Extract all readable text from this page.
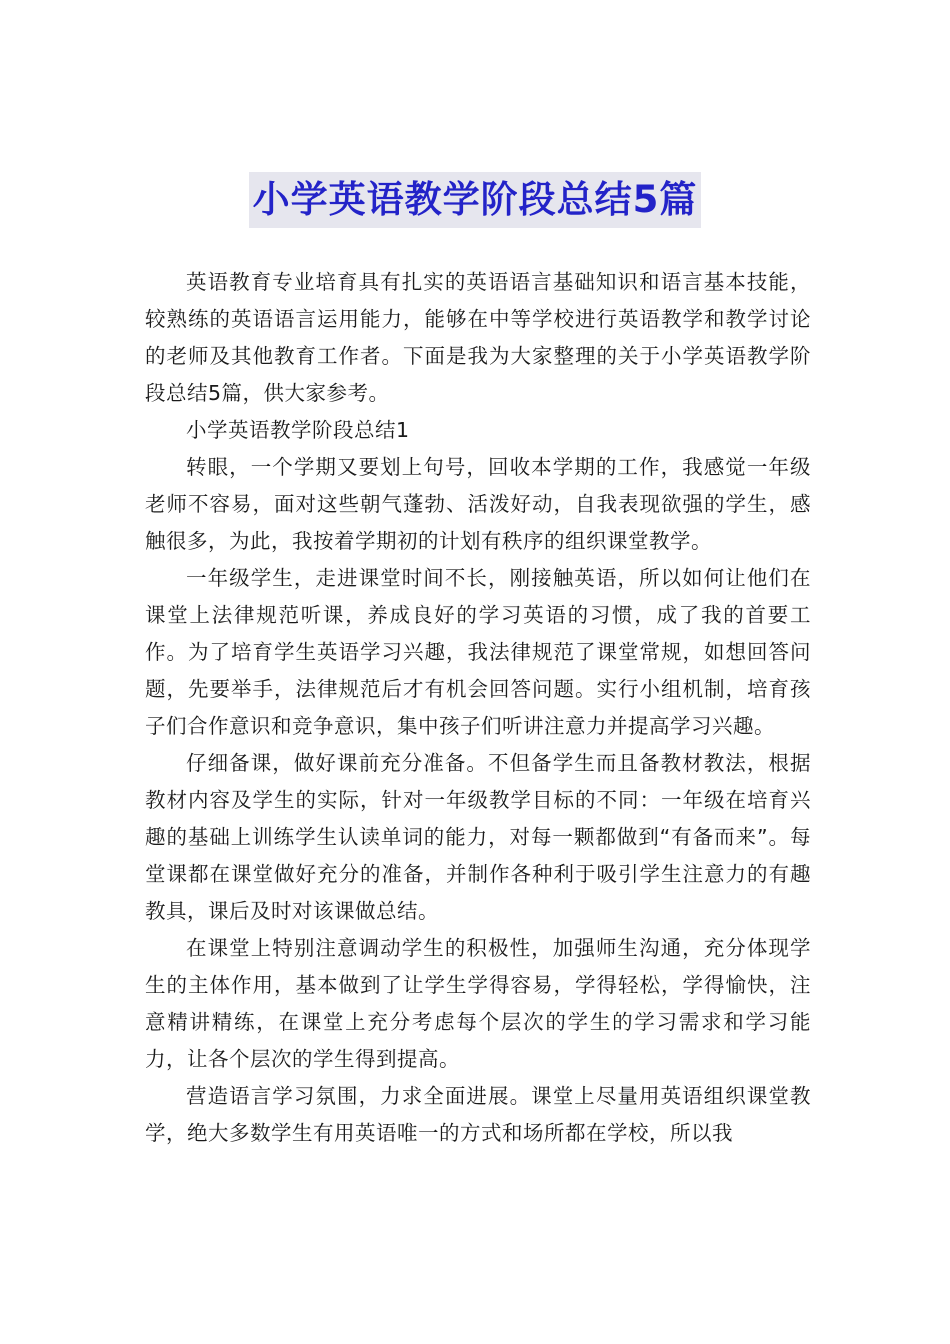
小学英语教学阶段总结5篇

英语教育专业培育具有扎实的英语语言基础知识和语言基本技能，较熟练的英语语言运用能力，能够在中等学校进行英语教学和教学讨论的老师及其他教育工作者。下面是我为大家整理的关于小学英语教学阶段总结5篇，供大家参考。

小学英语教学阶段总结1

转眼，一个学期又要划上句号，回收本学期的工作，我感觉一年级老师不容易，面对这些朝气蓬勃、活泼好动，自我表现欲强的学生，感触很多，为此，我按着学期初的计划有秩序的组织课堂教学。

一年级学生，走进课堂时间不长，刚接触英语，所以如何让他们在课堂上法律规范听课，养成良好的学习英语的习惯，成了我的首要工作。为了培育学生英语学习兴趣，我法律规范了课堂常规，如想回答问题，先要举手，法律规范后才有机会回答问题。实行小组机制，培育孩子们合作意识和竞争意识，集中孩子们听讲注意力并提高学习兴趣。

仔细备课，做好课前充分准备。不但备学生而且备教材教法，根据教材内容及学生的实际，针对一年级教学目标的不同：一年级在培育兴趣的基础上训练学生认读单词的能力，对每一颗都做到“有备而来”。每堂课都在课堂做好充分的准备，并制作各种利于吸引学生注意力的有趣教具，课后及时对该课做总结。

在课堂上特别注意调动学生的积极性，加强师生沟通，充分体现学生的主体作用，基本做到了让学生学得容易，学得轻松，学得愉快，注意精讲精练，在课堂上充分考虑每个层次的学生的学习需求和学习能力，让各个层次的学生得到提高。

营造语言学习氛围，力求全面进展。课堂上尽量用英语组织课堂教学，绝大多数学生有用英语唯一的方式和场所都在学校，所以我
